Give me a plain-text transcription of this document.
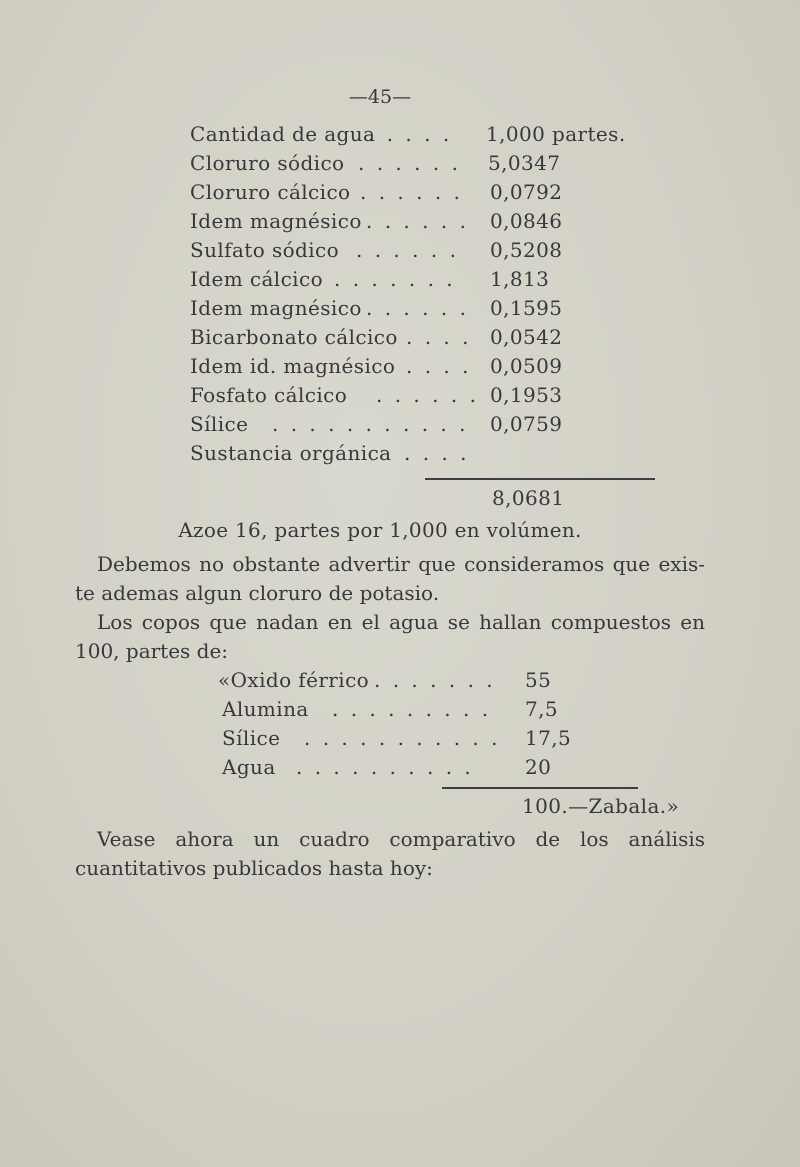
—45—
Cantidad de agua
. . . . . 1,000 partes.
Cloruro sódico . . . . . . 5,0347
Cloruro cálcico . . . . . . 0,0792
Idem magnésico . . . . . . 0,0846
Sulfato sódico . . . . . . 0,5208
Idem cálcico . . . . . . . 1,813
Idem magnésico . . . . . . 0,1595
Bicarbonato cálcico . . . . 0,0542
Idem id. magnésico . . . . 0,0509
Fosfato cálcico . . . . . . 0,1953
Sílice . . . . . . . . . . . 0,0759
Sustancia orgánica . . . .
8,0681
Azoe 16, partes por 1,000 en volúmen.
Debemos no obstante advertir que consideramos que exis-
te ademas algun cloruro de potasio.
Los copos que nadan en el agua se hallan compuestos en
100, partes de:
«Oxido férrico . . . . . . . 55
Alumina . . . . . . . . . 7,5
Sílice . . . . . . . . . . . 17,5
Agua . . . . . . . . . .	20
100.—Zabala.»
Vease ahora un cuadro comparativo de los análisis
cuantitativos publicados hasta hoy:
